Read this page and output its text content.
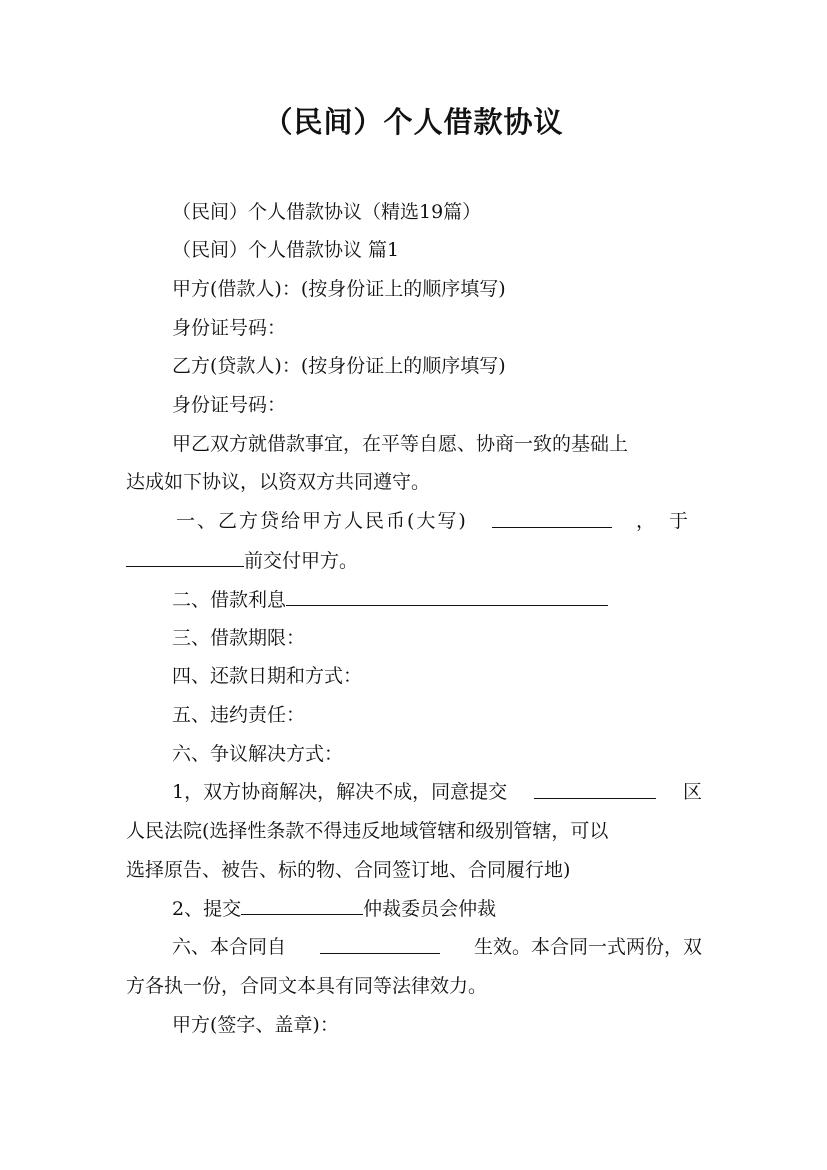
（民间）个人借款协议
（民间）个人借款协议（精选19篇）
（民间）个人借款协议 篇1
甲方(借款人)：(按身份证上的顺序填写)
身份证号码：
乙方(贷款人)：(按身份证上的顺序填写)
身份证号码：
甲乙双方就借款事宜，在平等自愿、协商一致的基础上
达成如下协议，以资双方共同遵守。
一、乙方贷给甲方人民币(大写)	，于
前交付甲方。
二、借款利息
三、借款期限：
四、还款日期和方式：
五、违约责任：
六、争议解决方式：
1，双方协商解决，解决不成，同意提交	区
人民法院(选择性条款不得违反地域管辖和级别管辖，可以
选择原告、被告、标的物、合同签订地、合同履行地)
2、提交	仲裁委员会仲裁
六、本合同自	生效。本合同一式两份，双
方各执一份，合同文本具有同等法律效力。
甲方(签字、盖章)：
